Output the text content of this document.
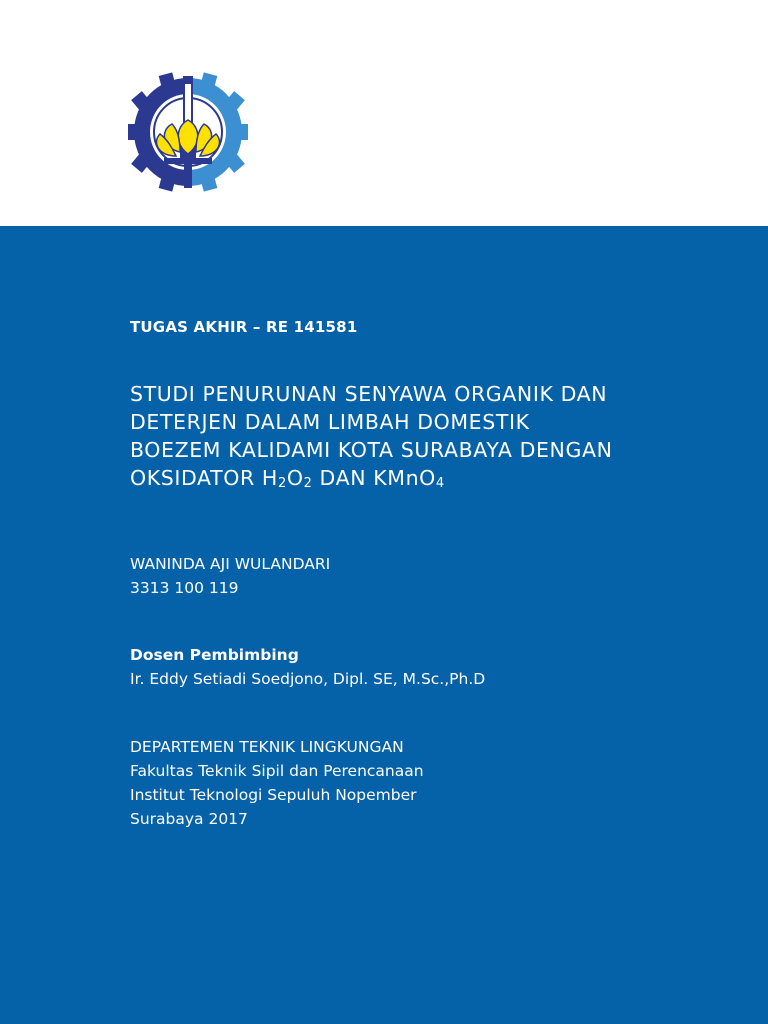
TUGAS AKHIR – RE 141581
STUDI PENURUNAN SENYAWA ORGANIK DAN
DETERJEN DALAM LIMBAH DOMESTIK
BOEZEM KALIDAMI KOTA SURABAYA DENGAN
OKSIDATOR $H_2O_2$ DAN KMnO$_4$
WANINDA AJI WULANDARI
3313 100 119
Dosen Pembimbing
Ir. Eddy Setiadi Soedjono, Dipl. SE, M.Sc.,Ph.D
DEPARTEMEN TEKNIK LINGKUNGAN
Fakultas Teknik Sipil dan Perencanaan
Institut Teknologi Sepuluh Nopember
Surabaya 2017
